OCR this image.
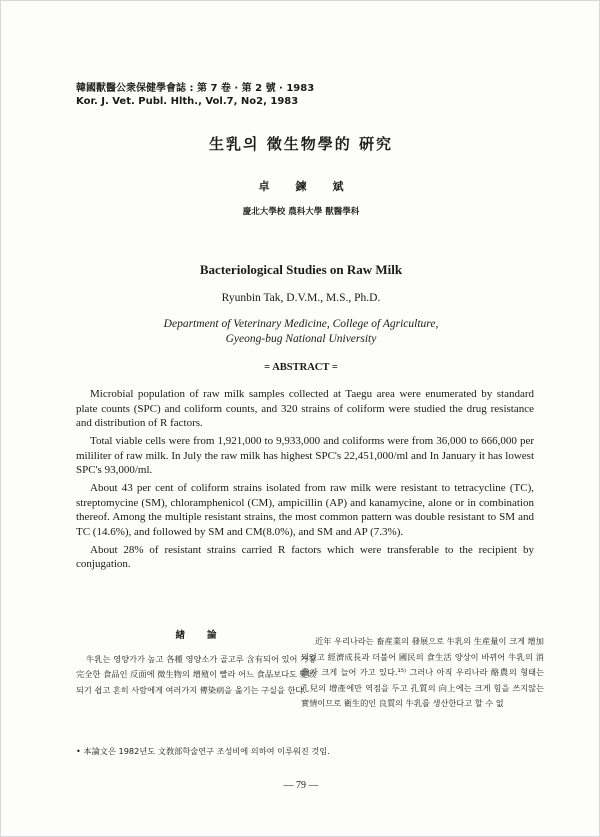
韓國獸醫公衆保健學會誌 : 第 7 卷 · 第 2 號 · 1983
Kor. J. Vet. Publ. Hlth., Vol.7, No2, 1983
生乳의 徵生物學的 硏究
卓鍊斌
慶北大學校 農科大學 獸醫學科
Bacteriological Studies on Raw Milk
Ryunbin Tak, D.V.M., M.S., Ph.D.
Department of Veterinary Medicine, College of Agriculture,
Gyeong-bug National University
= ABSTRACT =

Microbial population of raw milk samples collected at Taegu area were enumerated by standard plate counts (SPC) and coliform counts, and 320 strains of coliform were studied the drug resistance and distribution of R factors.

Total viable cells were from 1,921,000 to 9,933,000 and coliforms were from 36,000 to 666,000 per mililiter of raw milk. In July the raw milk has highest SPC's 22,451,000/ml and In January it has lowest SPC's 93,000/ml.

About 43 per cent of coliform strains isolated from raw milk were resistant to tetracycline (TC), streptomycine (SM), chloramphenicol (CM), ampicillin (AP) and kanamycine, alone or in combination thereof. Among the multiple resistant strains, the most common pattern was double resistant to SM and TC (14.6%), and followed by SM and CM(8.0%), and SM and AP (7.3%).

About 28% of resistant strains carried R factors which were transferable to the recipient by conjugation.

緖論

牛乳는 영양가가 높고 各種 영양소가 골고루 含有되어 있어 가장 完全한 食品인 反面에 微生物의 增殖이 빨라 어느 食品보다도 變敗되기 쉽고 혼히 사람에게 여러가지 傳染病을 옮기는 구실을 한다.

近年 우리나라는 畜産業의 發展으로 牛乳의 生産量이 크게 增加되었고 經濟成長과 더불어 國民의 食生活 양상이 바뀌어 牛乳의 消費가 크게 늘어 가고 있다.¹⁵⁾ 그러나 아직 우리나라 酪農의 형태는 孔兒의 增產에만 역점을 두고 孔質의 向上에는 크게 힘을 쓰지않는 實情이므로 衛生的인 良質의 牛乳를 생산한다고 할 수 없

• 本論文은 1982년도 文敎部학술연구 조성비에 의하여 이루워진 것임.
— 79 —
